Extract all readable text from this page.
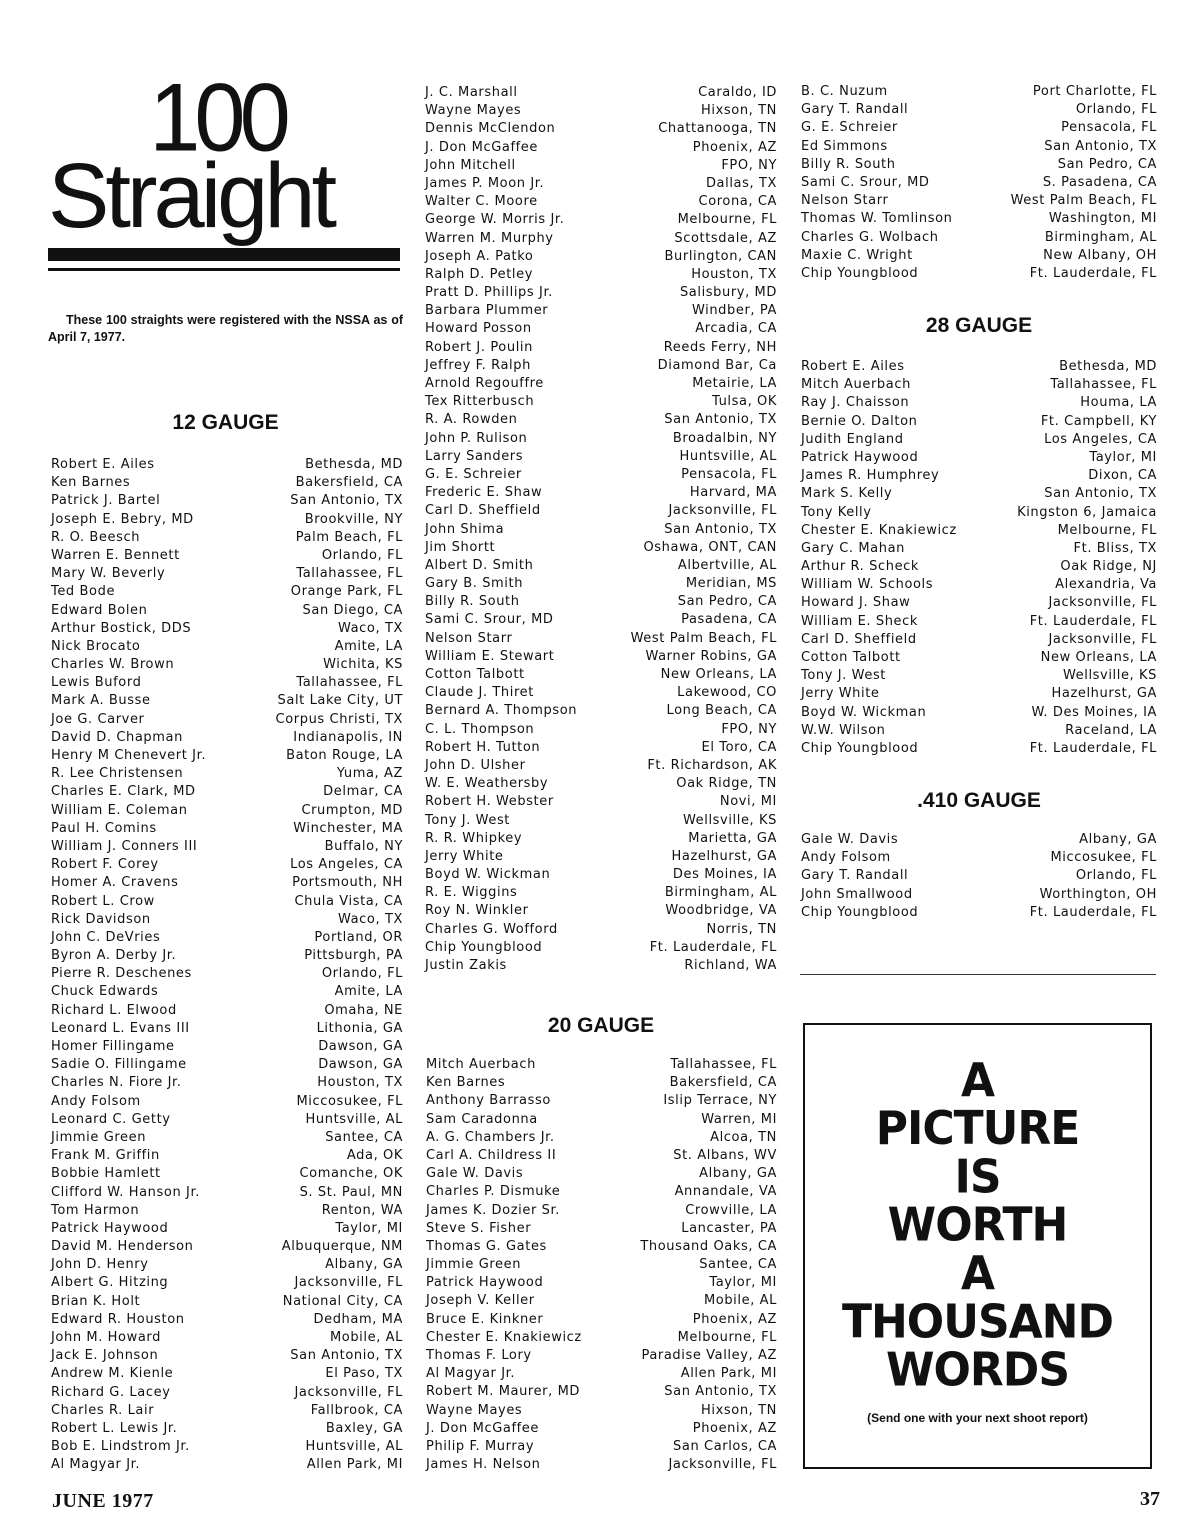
100
Straight
These 100 straights were registered with the NSSA as of April 7, 1977.
12 GAUGE
Robert E. Ailes	Bethesda, MD
Ken Barnes	Bakersfield, CA
Patrick J. Bartel	San Antonio, TX
Joseph E. Bebry, MD	Brookville, NY
R. O. Beesch	Palm Beach, FL
Warren E. Bennett	Orlando, FL
Mary W. Beverly	Tallahassee, FL
Ted Bode	Orange Park, FL
Edward Bolen	San Diego, CA
Arthur Bostick, DDS	Waco, TX
Nick Brocato	Amite, LA
Charles W. Brown	Wichita, KS
Lewis Buford	Tallahassee, FL
Mark A. Busse	Salt Lake City, UT
Joe G. Carver	Corpus Christi, TX
David D. Chapman	Indianapolis, IN
Henry M Chenevert Jr.	Baton Rouge, LA
R. Lee Christensen	Yuma, AZ
Charles E. Clark, MD	Delmar, CA
William E. Coleman	Crumpton, MD
Paul H. Comins	Winchester, MA
William J. Conners III	Buffalo, NY
Robert F. Corey	Los Angeles, CA
Homer A. Cravens	Portsmouth, NH
Robert L. Crow	Chula Vista, CA
Rick Davidson	Waco, TX
John C. DeVries	Portland, OR
Byron A. Derby Jr.	Pittsburgh, PA
Pierre R. Deschenes	Orlando, FL
Chuck Edwards	Amite, LA
Richard L. Elwood	Omaha, NE
Leonard L. Evans III	Lithonia, GA
Homer Fillingame	Dawson, GA
Sadie O. Fillingame	Dawson, GA
Charles N. Fiore Jr.	Houston, TX
Andy Folsom	Miccosukee, FL
Leonard C. Getty	Huntsville, AL
Jimmie Green	Santee, CA
Frank M. Griffin	Ada, OK
Bobbie Hamlett	Comanche, OK
Clifford W. Hanson Jr.	S. St. Paul, MN
Tom Harmon	Renton, WA
Patrick Haywood	Taylor, MI
David M. Henderson	Albuquerque, NM
John D. Henry	Albany, GA
Albert G. Hitzing	Jacksonville, FL
Brian K. Holt	National City, CA
Edward R. Houston	Dedham, MA
John M. Howard	Mobile, AL
Jack E. Johnson	San Antonio, TX
Andrew M. Kienle	El Paso, TX
Richard G. Lacey	Jacksonville, FL
Charles R. Lair	Fallbrook, CA
Robert L. Lewis Jr.	Baxley, GA
Bob E. Lindstrom Jr.	Huntsville, AL
Al Magyar Jr.	Allen Park, MI
J. C. Marshall	Caraldo, ID
Wayne Mayes	Hixson, TN
Dennis McClendon	Chattanooga, TN
J. Don McGaffee	Phoenix, AZ
John Mitchell	FPO, NY
James P. Moon Jr.	Dallas, TX
Walter C. Moore	Corona, CA
George W. Morris Jr.	Melbourne, FL
Warren M. Murphy	Scottsdale, AZ
Joseph A. Patko	Burlington, CAN
Ralph D. Petley	Houston, TX
Pratt D. Phillips Jr.	Salisbury, MD
Barbara Plummer	Windber, PA
Howard Posson	Arcadia, CA
Robert J. Poulin	Reeds Ferry, NH
Jeffrey F. Ralph	Diamond Bar, Ca
Arnold Regouffre	Metairie, LA
Tex Ritterbusch	Tulsa, OK
R. A. Rowden	San Antonio, TX
John P. Rulison	Broadalbin, NY
Larry Sanders	Huntsville, AL
G. E. Schreier	Pensacola, FL
Frederic E. Shaw	Harvard, MA
Carl D. Sheffield	Jacksonville, FL
John Shima	San Antonio, TX
Jim Shortt	Oshawa, ONT, CAN
Albert D. Smith	Albertville, AL
Gary B. Smith	Meridian, MS
Billy R. South	San Pedro, CA
Sami C. Srour, MD	Pasadena, CA
Nelson Starr	West Palm Beach, FL
William E. Stewart	Warner Robins, GA
Cotton Talbott	New Orleans, LA
Claude J. Thiret	Lakewood, CO
Bernard A. Thompson	Long Beach, CA
C. L. Thompson	FPO, NY
Robert H. Tutton	El Toro, CA
John D. Ulsher	Ft. Richardson, AK
W. E. Weathersby	Oak Ridge, TN
Robert H. Webster	Novi, MI
Tony J. West	Wellsville, KS
R. R. Whipkey	Marietta, GA
Jerry White	Hazelhurst, GA
Boyd W. Wickman	Des Moines, IA
R. E. Wiggins	Birmingham, AL
Roy N. Winkler	Woodbridge, VA
Charles G. Wofford	Norris, TN
Chip Youngblood	Ft. Lauderdale, FL
Justin Zakis	Richland, WA
20 GAUGE
Mitch Auerbach	Tallahassee, FL
Ken Barnes	Bakersfield, CA
Anthony Barrasso	Islip Terrace, NY
Sam Caradonna	Warren, MI
A. G. Chambers Jr.	Alcoa, TN
Carl A. Childress II	St. Albans, WV
Gale W. Davis	Albany, GA
Charles P. Dismuke	Annandale, VA
James K. Dozier Sr.	Crowville, LA
Steve S. Fisher	Lancaster, PA
Thomas G. Gates	Thousand Oaks, CA
Jimmie Green	Santee, CA
Patrick Haywood	Taylor, MI
Joseph V. Keller	Mobile, AL
Bruce E. Kinkner	Phoenix, AZ
Chester E. Knakiewicz	Melbourne, FL
Thomas F. Lory	Paradise Valley, AZ
Al Magyar Jr.	Allen Park, MI
Robert M. Maurer, MD	San Antonio, TX
Wayne Mayes	Hixson, TN
J. Don McGaffee	Phoenix, AZ
Philip F. Murray	San Carlos, CA
James H. Nelson	Jacksonville, FL
B. C. Nuzum	Port Charlotte, FL
Gary T. Randall	Orlando, FL
G. E. Schreier	Pensacola, FL
Ed Simmons	San Antonio, TX
Billy R. South	San Pedro, CA
Sami C. Srour, MD	S. Pasadena, CA
Nelson Starr	West Palm Beach, FL
Thomas W. Tomlinson	Washington, MI
Charles G. Wolbach	Birmingham, AL
Maxie C. Wright	New Albany, OH
Chip Youngblood	Ft. Lauderdale, FL
28 GAUGE
Robert E. Ailes	Bethesda, MD
Mitch Auerbach	Tallahassee, FL
Ray J. Chaisson	Houma, LA
Bernie O. Dalton	Ft. Campbell, KY
Judith England	Los Angeles, CA
Patrick Haywood	Taylor, MI
James R. Humphrey	Dixon, CA
Mark S. Kelly	San Antonio, TX
Tony Kelly	Kingston 6, Jamaica
Chester E. Knakiewicz	Melbourne, FL
Gary C. Mahan	Ft. Bliss, TX
Arthur R. Scheck	Oak Ridge, NJ
William W. Schools	Alexandria, Va
Howard J. Shaw	Jacksonville, FL
William E. Sheck	Ft. Lauderdale, FL
Carl D. Sheffield	Jacksonville, FL
Cotton Talbott	New Orleans, LA
Tony J. West	Wellsville, KS
Jerry White	Hazelhurst, GA
Boyd W. Wickman	W. Des Moines, IA
W.W. Wilson	Raceland, LA
Chip Youngblood	Ft. Lauderdale, FL
.410 GAUGE
Gale W. Davis	Albany, GA
Andy Folsom	Miccosukee, FL
Gary T. Randall	Orlando, FL
John Smallwood	Worthington, OH
Chip Youngblood	Ft. Lauderdale, FL
A
PICTURE
IS
WORTH
A
THOUSAND
WORDS
(Send one with your next shoot report)
JUNE 1977	37
